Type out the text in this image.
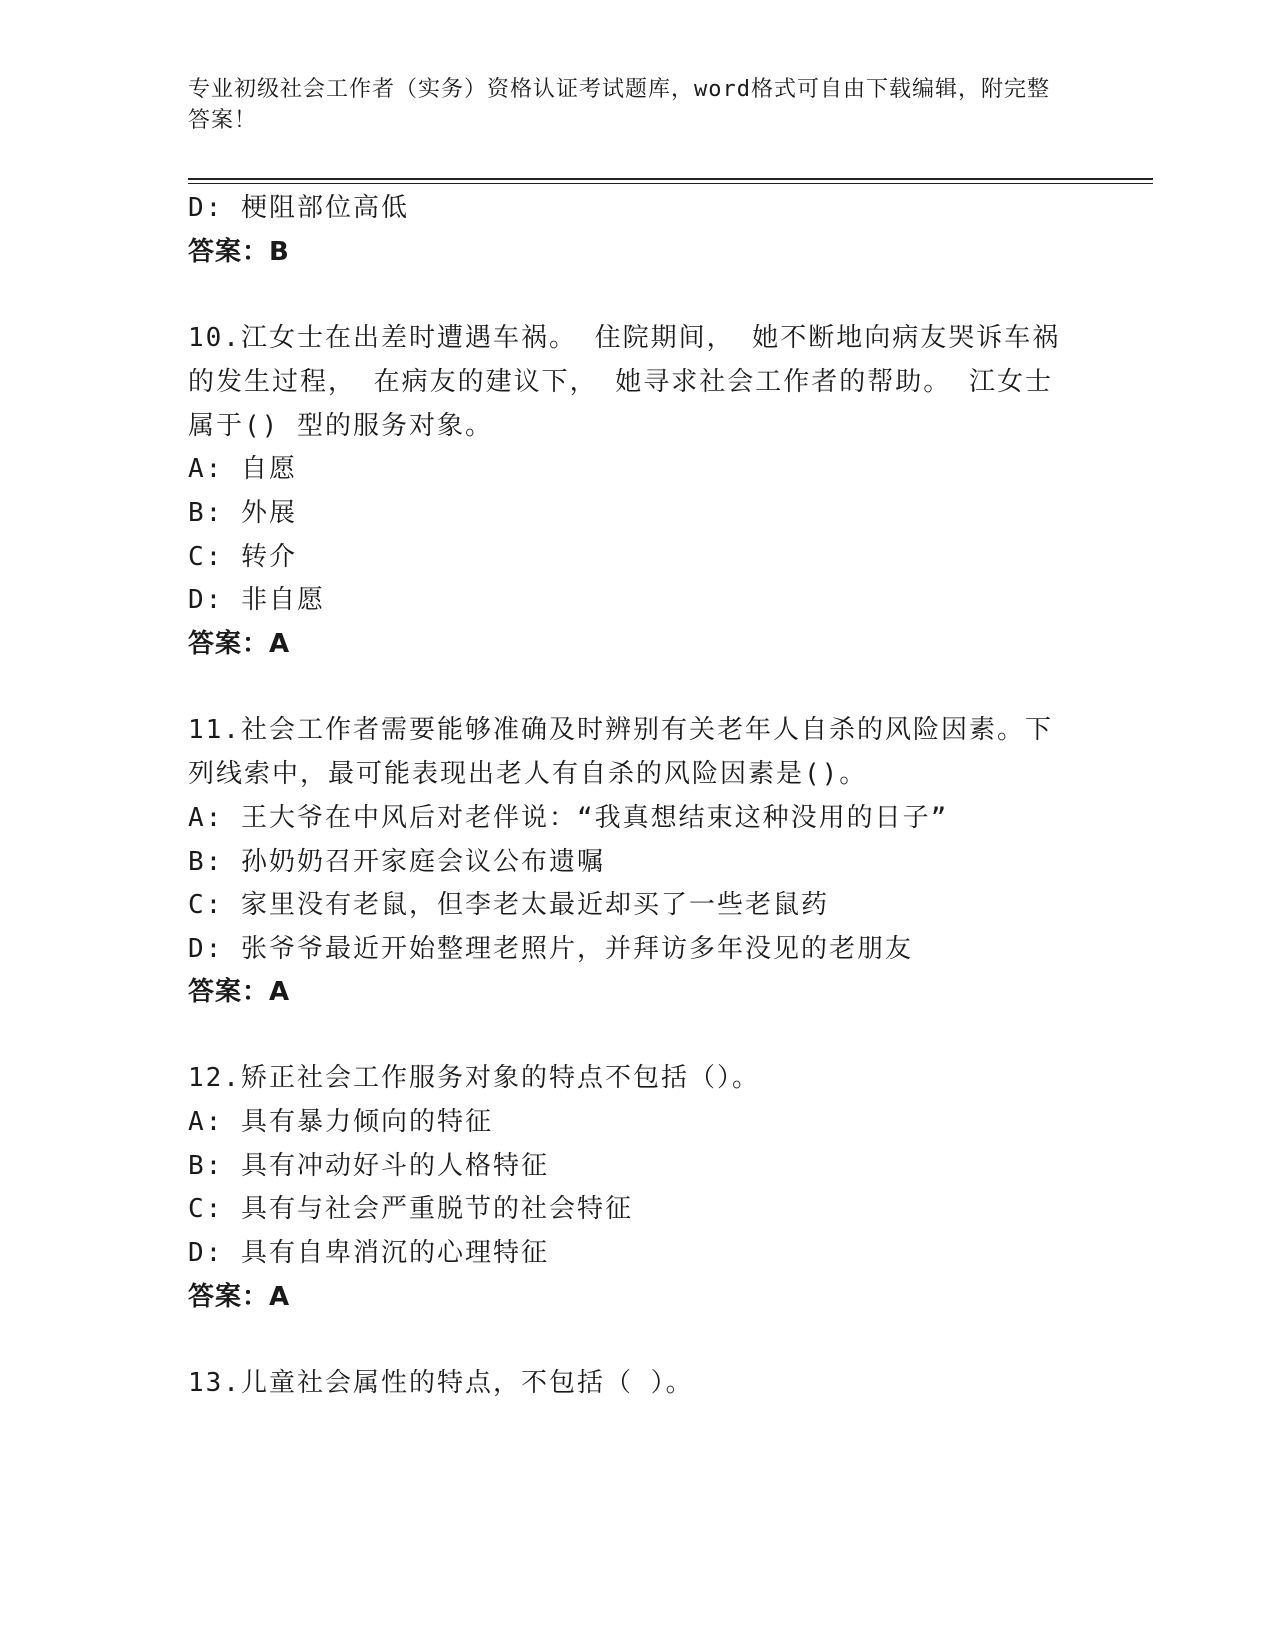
专业初级社会工作者（实务）资格认证考试题库，word格式可自由下载编辑，附完整答案！
D: 梗阻部位高低
答案：B
10.江女士在出差时遭遇车祸。 住院期间， 她不断地向病友哭诉车祸
的发生过程， 在病友的建议下， 她寻求社会工作者的帮助。 江女士
属于() 型的服务对象。
A: 自愿
B: 外展
C: 转介
D: 非自愿
答案：A
11.社会工作者需要能够准确及时辨别有关老年人自杀的风险因素。下
列线索中，最可能表现出老人有自杀的风险因素是()。
A: 王大爷在中风后对老伴说：“我真想结束这种没用的日子”
B: 孙奶奶召开家庭会议公布遗嘱
C: 家里没有老鼠，但李老太最近却买了一些老鼠药
D: 张爷爷最近开始整理老照片，并拜访多年没见的老朋友
答案：A
12.矫正社会工作服务对象的特点不包括（）。
A: 具有暴力倾向的特征
B: 具有冲动好斗的人格特征
C: 具有与社会严重脱节的社会特征
D: 具有自卑消沉的心理特征
答案：A
13.儿童社会属性的特点，不包括（ ）。
